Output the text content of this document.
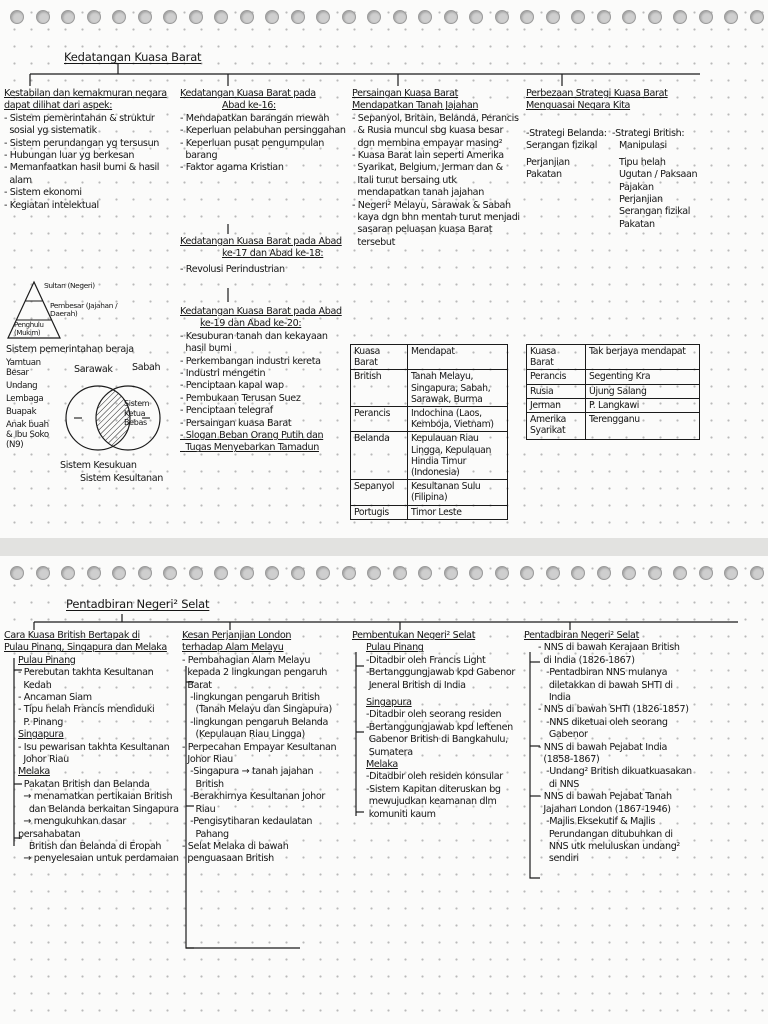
Kedatangan Kuasa Barat
Kestabilan dan kemakmuran negara
dapat dilihat dari aspek:
- Sistem pemerintahan & struktur
sosial yg sistematik
- Sistem perundangan yg tersusun
- Hubungan luar yg berkesan
- Memanfaatkan hasil bumi & hasil
alam
- Sistem ekonomi
- Kegiatan intelektual
Sultan (Negeri)
Pembesar (Jajahan / Daerah)
Penghulu (Mukim)
Sistem pemerintahan beraja
Yamtuan Besar
Undang
Lembaga
Buapak
Anak buah & Ibu Soko
(N9)
Sarawak Sabah
Sistem
Ketua
Bebas
Sistem Kesukuan
Sistem Kesultanan
Kedatangan Kuasa Barat pada
Abad ke-16:
- Mendapatkan barangan mewah
- Keperluan pelabuhan persinggahan
- Keperluan pusat pengumpulan
barang
- Faktor agama Kristian
Kedatangan Kuasa Barat pada Abad
ke-17 dan Abad ke-18:
- Revolusi Perindustrian
Kedatangan Kuasa Barat pada Abad
ke-19 dan Abad ke-20:
- Kesuburan tanah dan kekayaan
hasil bumi
- Perkembangan industri kereta
- Industri mengetin
- Penciptaan kapal wap
- Pembukaan Terusan Suez
- Penciptaan telegraf
- Persaingan kuasa Barat
- Slogan Beban Orang Putih dan
Tugas Menyebarkan Tamadun
Persaingan Kuasa Barat
Mendapatkan Tanah Jajahan
- Sepanyol, Britain, Belanda, Perancis
& Rusia muncul sbg kuasa besar
dgn membina empayar masing²
- Kuasa Barat lain seperti Amerika
Syarikat, Belgium, Jerman dan &
Itali turut bersaing utk
mendapatkan tanah jajahan
- Negeri² Melayu, Sarawak & Sabah
kaya dgn bhn mentah turut menjadi
sasaran peluasan kuasa Barat
tersebut
Kuasa Barat	Mendapat
British	Tanah Melayu, Singapura, Sabah, Sarawak, Burma
Perancis	Indochina (Laos, Kemboja, Vietnam)
Belanda	Kepulauan Riau Lingga, Kepulauan Hindia Timur (Indonesia)
Sepanyol	Kesultanan Sulu (Filipina)
Portugis	Timor Leste
Perbezaan Strategi Kuasa Barat
Menguasai Negara Kita
-Strategi Belanda:
Serangan fizikal
Perjanjian
Pakatan
-Strategi British:
Manipulasi
Tipu helah
Ugutan / Paksaan
Pajakan
Perjanjian
Serangan fizikal
Pakatan
Kuasa Barat	Tak berjaya mendapat
Perancis	Segenting Kra
Rusia	Ujung Salang
Jerman	P. Langkawi
Amerika Syarikat	Terengganu
Pentadbiran Negeri² Selat
Cara Kuasa British Bertapak di
Pulau Pinang, Singapura dan Melaka
Pulau Pinang
- Perebutan takhta Kesultanan
Kedah
- Ancaman Siam
- Tipu helah Francis mendiduki
P. Pinang
Singapura
- Isu pewarisan takhta Kesultanan
Johor Riau
Melaka
- Pakatan British dan Belanda
→ menamatkan pertikaian British
dan Belanda berkaitan Singapura
→ mengukuhkan dasar persahabatan
British dan Belanda di Eropah
→ penyelesaian untuk perdamaian
Kesan Perjanjian London
terhadap Alam Melayu
- Pembahagian Alam Melayu
kepada 2 lingkungan pengaruh
Barat
-lingkungan pengaruh British
(Tanah Melayu dan Singapura)
-lingkungan pengaruh Belanda
(Kepulauan Riau Lingga)
- Perpecahan Empayar Kesultanan
Johor Riau
-Singapura → tanah jajahan
British
-Berakhirnya Kesultanan Johor
Riau
-Pengisytiharan kedaulatan
Pahang
- Selat Melaka di bawah
penguasaan British
Pembentukan Negeri² Selat
Pulau Pinang
-Ditadbir oleh Francis Light
-Bertanggungjawab kpd Gabenor
Jeneral British di India
Singapura
-Ditadbir oleh seorang residen
-Bertanggungjawab kpd leftenen
Gabenor British di Bangkahulu,
Sumatera
Melaka
-Ditadbir oleh residen konsular
-Sistem Kapitan diteruskan bg
mewujudkan keamanan dlm
komuniti kaum
Pentadbiran Negeri² Selat
- NNS di bawah Kerajaan British
di India (1826-1867)
-Pentadbiran NNS mulanya
diletakkan di bawah SHTI di
India
- NNS di bawah SHTI (1826-1857)
-NNS diketuai oleh seorang
Gabenor
- NNS di bawah Pejabat India
(1858-1867)
-Undang² British dikuatkuasakan
di NNS
- NNS di bawah Pejabat Tanah
Jajahan London (1867-1946)
-Majlis Eksekutif & Majlis
Perundangan ditubuhkan di
NNS utk meluluskan undang²
sendiri
